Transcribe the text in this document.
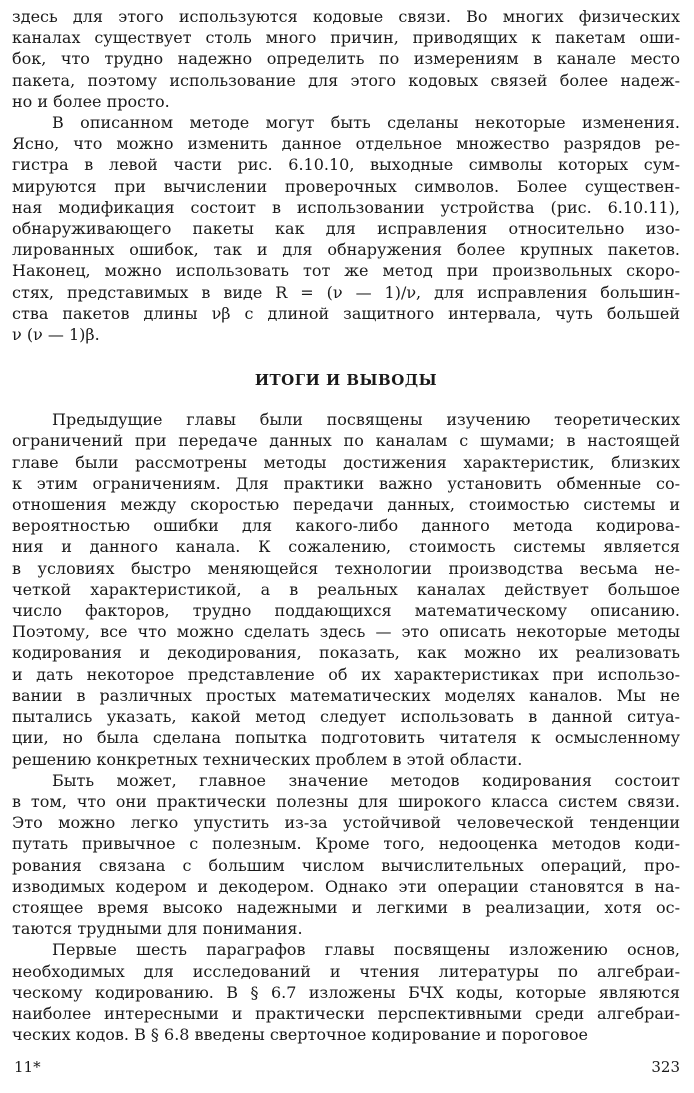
здесь для этого используются кодовые связи. Во многих физических
каналах существует столь много причин, приводящих к пакетам оши-
бок, что трудно надежно определить по измерениям в канале место
пакета, поэтому использование для этого кодовых связей более надеж-
но и более просто.

В описанном методе могут быть сделаны некоторые изменения.
Ясно, что можно изменить данное отдельное множество разрядов ре-
гистра в левой части рис. 6.10.10, выходные символы которых сум-
мируются при вычислении проверочных символов. Более существен-
ная модификация состоит в использовании устройства (рис. 6.10.11),
обнаруживающего пакеты как для исправления относительно изо-
лированных ошибок, так и для обнаружения более крупных пакетов.
Наконец, можно использовать тот же метод при произвольных скоро-
стях, представимых в виде R = (ν — 1)/ν, для исправления большин-
ства пакетов длины νβ с длиной защитного интервала, чуть большей
ν (ν — 1)β.

ИТОГИ И ВЫВОДЫ

Предыдущие главы были посвящены изучению теоретических
ограничений при передаче данных по каналам с шумами; в настоящей
главе были рассмотрены методы достижения характеристик, близких
к этим ограничениям. Для практики важно установить обменные со-
отношения между скоростью передачи данных, стоимостью системы и
вероятностью ошибки для какого-либо данного метода кодирова-
ния и данного канала. К сожалению, стоимость системы является
в условиях быстро меняющейся технологии производства весьма не-
четкой характеристикой, а в реальных каналах действует большое
число факторов, трудно поддающихся математическому описанию.
Поэтому, все что можно сделать здесь — это описать некоторые методы
кодирования и декодирования, показать, как можно их реализовать
и дать некоторое представление об их характеристиках при использо-
вании в различных простых математических моделях каналов. Мы не
пытались указать, какой метод следует использовать в данной ситуа-
ции, но была сделана попытка подготовить читателя к осмысленному
решению конкретных технических проблем в этой области.

Быть может, главное значение методов кодирования состоит
в том, что они практически полезны для широкого класса систем связи.
Это можно легко упустить из-за устойчивой человеческой тенденции
путать привычное с полезным. Кроме того, недооценка методов коди-
рования связана с большим числом вычислительных операций, про-
изводимых кодером и декодером. Однако эти операции становятся в на-
стоящее время высоко надежными и легкими в реализации, хотя ос-
таются трудными для понимания.

Первые шесть параграфов главы посвящены изложению основ,
необходимых для исследований и чтения литературы по алгебраи-
ческому кодированию. В § 6.7 изложены БЧХ коды, которые являются
наиболее интересными и практически перспективными среди алгебраи-
ческих кодов. В § 6.8 введены сверточное кодирование и пороговое

11*	323
